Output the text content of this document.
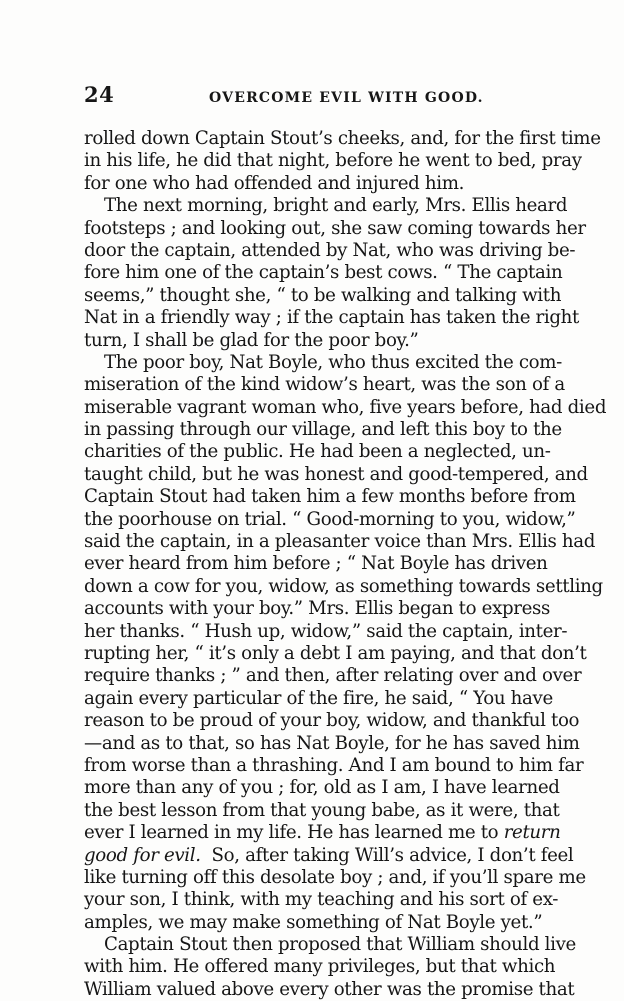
24	OVERCOME EVIL WITH GOOD.
rolled down Captain Stout’s cheeks, and, for the first time
in his life, he did that night, before he went to bed, pray
for one who had offended and injured him.
The next morning, bright and early, Mrs. Ellis heard
footsteps ; and looking out, she saw coming towards her
door the captain, attended by Nat, who was driving be-
fore him one of the captain’s best cows. “ The captain
seems,” thought she, “ to be walking and talking with
Nat in a friendly way ; if the captain has taken the right
turn, I shall be glad for the poor boy.”
The poor boy, Nat Boyle, who thus excited the com-
miseration of the kind widow’s heart, was the son of a
miserable vagrant woman who, five years before, had died
in passing through our village, and left this boy to the
charities of the public. He had been a neglected, un-
taught child, but he was honest and good-tempered, and
Captain Stout had taken him a few months before from
the poorhouse on trial. “ Good-morning to you, widow,”
said the captain, in a pleasanter voice than Mrs. Ellis had
ever heard from him before ; “ Nat Boyle has driven
down a cow for you, widow, as something towards settling
accounts with your boy.” Mrs. Ellis began to express
her thanks. “ Hush up, widow,” said the captain, inter-
rupting her, “ it’s only a debt I am paying, and that don’t
require thanks ; ” and then, after relating over and over
again every particular of the fire, he said, “ You have
reason to be proud of your boy, widow, and thankful too
—and as to that, so has Nat Boyle, for he has saved him
from worse than a thrashing. And I am bound to him far
more than any of you ; for, old as I am, I have learned
the best lesson from that young babe, as it were, that
ever I learned in my life. He has learned me to return
good for evil.  So, after taking Will’s advice, I don’t feel
like turning off this desolate boy ; and, if you’ll spare me
your son, I think, with my teaching and his sort of ex-
amples, we may make something of Nat Boyle yet.”
Captain Stout then proposed that William should live
with him. He offered many privileges, but that which
William valued above every other was the promise that
